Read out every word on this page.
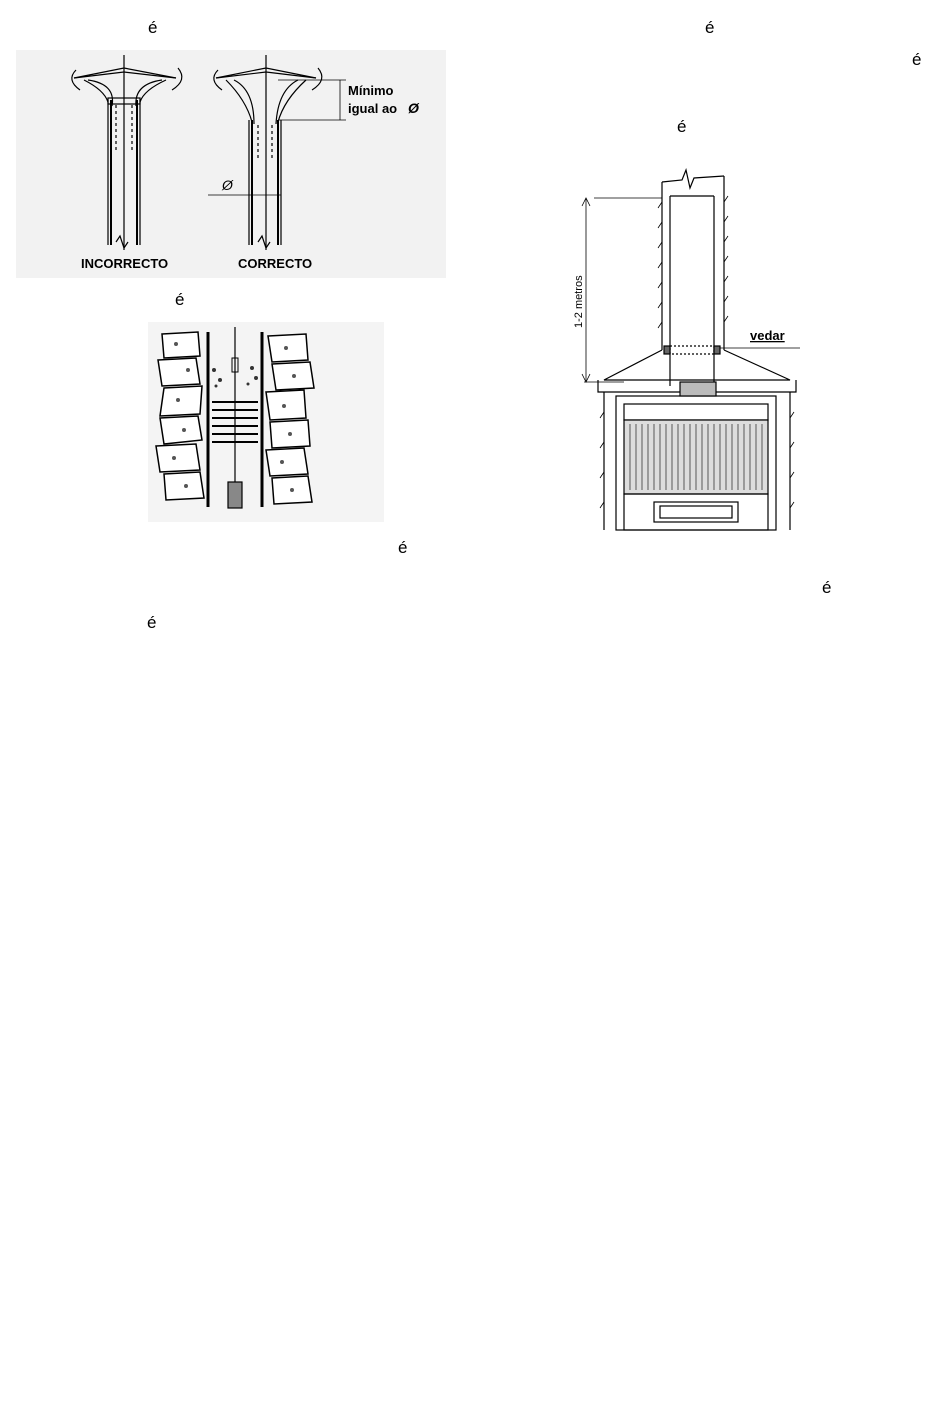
é	é
é
é
é
é
é
é
INCORRECTO	CORRECTO
Mínimo
igual ao Ø
Ø
1-2 metros
vedar
